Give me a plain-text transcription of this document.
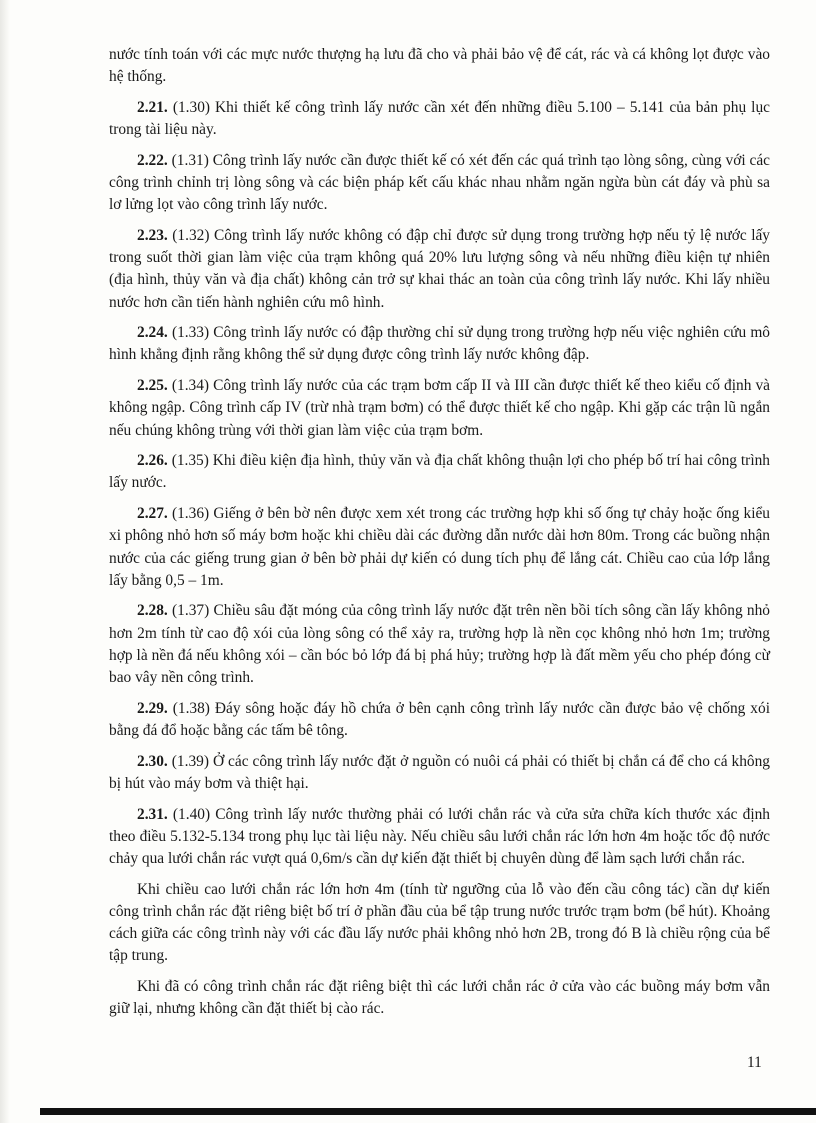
nước tính toán với các mực nước thượng hạ lưu đã cho và phải bảo vệ để cát, rác và cá không lọt được vào hệ thống.

2.21. (1.30) Khi thiết kế công trình lấy nước cần xét đến những điều 5.100 – 5.141 của bản phụ lục trong tài liệu này.

2.22. (1.31) Công trình lấy nước cần được thiết kế có xét đến các quá trình tạo lòng sông, cùng với các công trình chỉnh trị lòng sông và các biện pháp kết cấu khác nhau nhằm ngăn ngừa bùn cát đáy và phù sa lơ lửng lọt vào công trình lấy nước.

2.23. (1.32) Công trình lấy nước không có đập chỉ được sử dụng trong trường hợp nếu tỷ lệ nước lấy trong suốt thời gian làm việc của trạm không quá 20% lưu lượng sông và nếu những điều kiện tự nhiên (địa hình, thủy văn và địa chất) không cản trở sự khai thác an toàn của công trình lấy nước. Khi lấy nhiều nước hơn cần tiến hành nghiên cứu mô hình.

2.24. (1.33) Công trình lấy nước có đập thường chỉ sử dụng trong trường hợp nếu việc nghiên cứu mô hình khẳng định rằng không thể sử dụng được công trình lấy nước không đập.

2.25. (1.34) Công trình lấy nước của các trạm bơm cấp II và III cần được thiết kế theo kiểu cố định và không ngập. Công trình cấp IV (trừ nhà trạm bơm) có thể được thiết kế cho ngập. Khi gặp các trận lũ ngắn nếu chúng không trùng với thời gian làm việc của trạm bơm.

2.26. (1.35) Khi điều kiện địa hình, thủy văn và địa chất không thuận lợi cho phép bố trí hai công trình lấy nước.

2.27. (1.36) Giếng ở bên bờ nên được xem xét trong các trường hợp khi số ống tự chảy hoặc ống kiểu xi phông nhỏ hơn số máy bơm hoặc khi chiều dài các đường dẫn nước dài hơn 80m. Trong các buồng nhận nước của các giếng trung gian ở bên bờ phải dự kiến có dung tích phụ để lắng cát. Chiều cao của lớp lắng lấy bằng 0,5 – 1m.

2.28. (1.37) Chiều sâu đặt móng của công trình lấy nước đặt trên nền bồi tích sông cần lấy không nhỏ hơn 2m tính từ cao độ xói của lòng sông có thể xảy ra, trường hợp là nền cọc không nhỏ hơn 1m; trường hợp là nền đá nếu không xói – cần bóc bỏ lớp đá bị phá hủy; trường hợp là đất mềm yếu cho phép đóng cừ bao vây nền công trình.

2.29. (1.38) Đáy sông hoặc đáy hồ chứa ở bên cạnh công trình lấy nước cần được bảo vệ chống xói bằng đá đổ hoặc bằng các tấm bê tông.

2.30. (1.39) Ở các công trình lấy nước đặt ở nguồn có nuôi cá phải có thiết bị chắn cá để cho cá không bị hút vào máy bơm và thiệt hại.

2.31. (1.40) Công trình lấy nước thường phải có lưới chắn rác và cửa sửa chữa kích thước xác định theo điều 5.132-5.134 trong phụ lục tài liệu này. Nếu chiều sâu lưới chắn rác lớn hơn 4m hoặc tốc độ nước chảy qua lưới chắn rác vượt quá 0,6m/s cần dự kiến đặt thiết bị chuyên dùng để làm sạch lưới chắn rác.

Khi chiều cao lưới chắn rác lớn hơn 4m (tính từ ngưỡng của lỗ vào đến cầu công tác) cần dự kiến công trình chắn rác đặt riêng biệt bố trí ở phần đầu của bể tập trung nước trước trạm bơm (bể hút). Khoảng cách giữa các công trình này với các đầu lấy nước phải không nhỏ hơn 2B, trong đó B là chiều rộng của bể tập trung.

Khi đã có công trình chắn rác đặt riêng biệt thì các lưới chắn rác ở cửa vào các buồng máy bơm vẫn giữ lại, nhưng không cần đặt thiết bị cào rác.

11
